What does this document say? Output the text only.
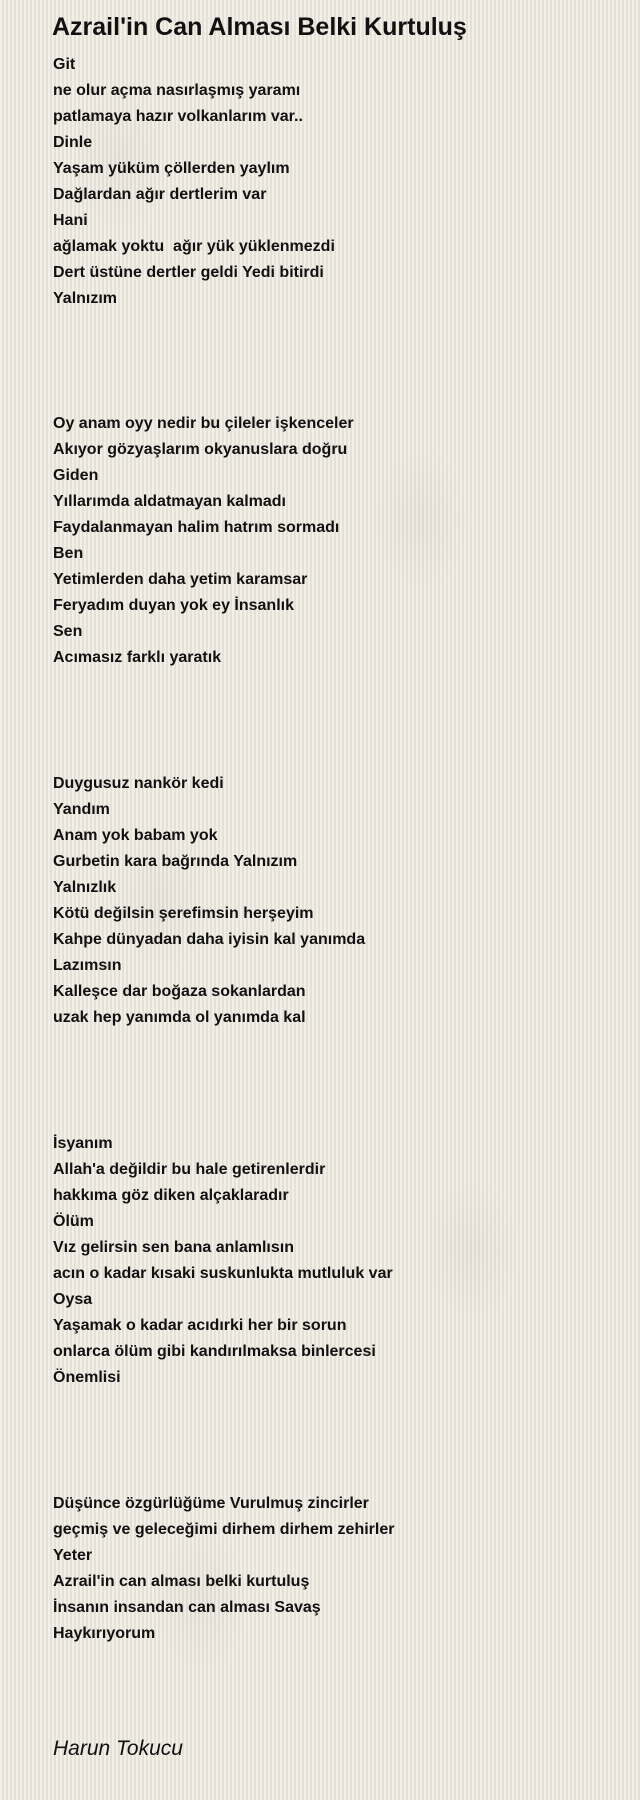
Azrail'in Can Alması Belki Kurtuluş
Git
ne olur açma nasırlaşmış yaramı
patlamaya hazır volkanlarım var..
Dinle
Yaşam yüküm çöllerden yaylım
Dağlardan ağır dertlerim var
Hani
ağlamak yoktu  ağır yük yüklenmezdi
Dert üstüne dertler geldi Yedi bitirdi
Yalnızım
Oy anam oyy nedir bu çileler işkenceler
Akıyor gözyaşlarım okyanuslara doğru
Giden
Yıllarımda aldatmayan kalmadı
Faydalanmayan halim hatrım sormadı
Ben
Yetimlerden daha yetim karamsar
Feryadım duyan yok ey İnsanlık
Sen
Acımasız farklı yaratık
Duygusuz nankör kedi
Yandım
Anam yok babam yok
Gurbetin kara bağrında Yalnızım
Yalnızlık
Kötü değilsin şerefimsin herşeyim
Kahpe dünyadan daha iyisin kal yanımda
Lazımsın
Kalleşce dar boğaza sokanlardan
uzak hep yanımda ol yanımda kal
İsyanım
Allah'a değildir bu hale getirenlerdir
hakkıma göz diken alçaklaradır
Ölüm
Vız gelirsin sen bana anlamlısın
acın o kadar kısaki suskunlukta mutluluk var
Oysa
Yaşamak o kadar acıdırki her bir sorun
onlarca ölüm gibi kandırılmaksa binlercesi
Önemlisi
Düşünce özgürlüğüme Vurulmuş zincirler
geçmiş ve geleceğimi dirhem dirhem zehirler
Yeter
Azrail'in can alması belki kurtuluş
İnsanın insandan can alması Savaş
Haykırıyorum

Harun Tokucu
